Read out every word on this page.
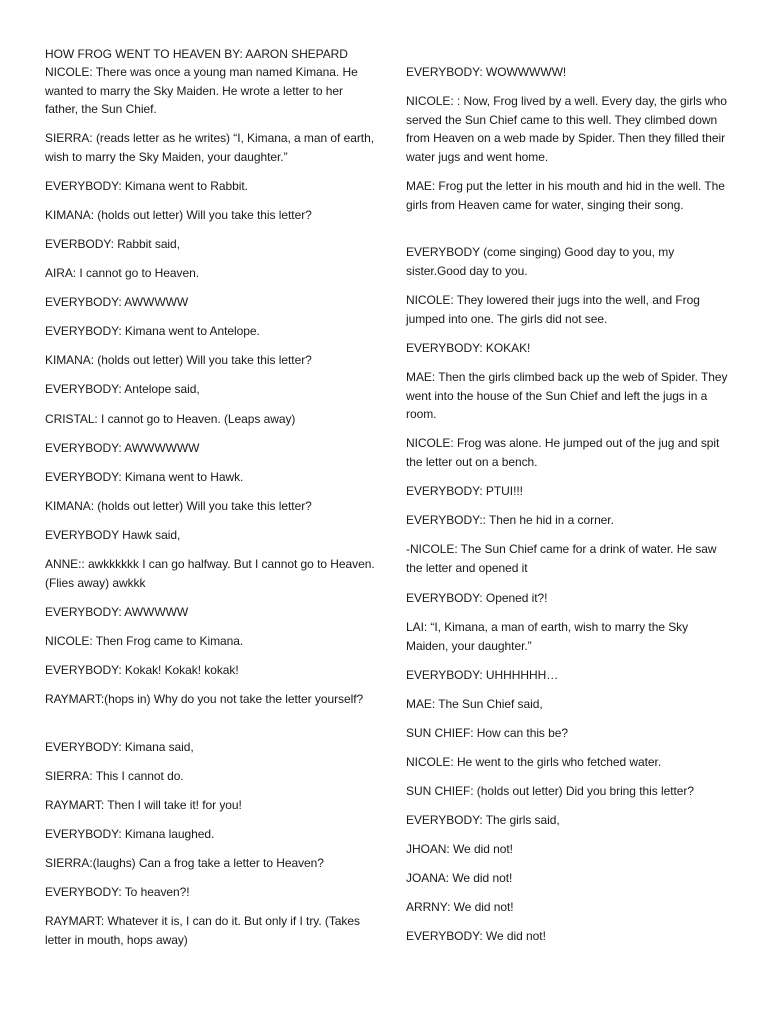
HOW FROG WENT TO HEAVEN BY: AARON SHEPARD
NICOLE: There was once a young man named Kimana. He wanted to marry the Sky Maiden. He wrote a letter to her father, the Sun Chief.
SIERRA: (reads letter as he writes) “I, Kimana, a man of earth, wish to marry the Sky Maiden, your daughter.”
EVERYBODY: Kimana went to Rabbit.
KIMANA: (holds out letter) Will you take this letter?
EVERBODY: Rabbit said,
AIRA: I cannot go to Heaven.
EVERYBODY: AWWWWW
EVERYBODY: Kimana went to Antelope.
KIMANA: (holds out letter) Will you take this letter?
EVERYBODY: Antelope said,
CRISTAL: I cannot go to Heaven. (Leaps away)
EVERYBODY: AWWWWWW
EVERYBODY: Kimana went to Hawk.
KIMANA: (holds out letter) Will you take this letter?
EVERYBODY Hawk said,
ANNE:: awkkkkkk I can go halfway. But I cannot go to Heaven. (Flies away) awkkk
EVERYBODY: AWWWWW
NICOLE: Then Frog came to Kimana.
EVERYBODY: Kokak! Kokak! kokak!
RAYMART:(hops in) Why do you not take the letter yourself?
EVERYBODY: Kimana said,
SIERRA: This I cannot do.
RAYMART: Then I will take it! for you!
EVERYBODY: Kimana laughed.
SIERRA:(laughs) Can a frog take a letter to Heaven?
EVERYBODY: To heaven?!
RAYMART: Whatever it is, I can do it. But only if I try. (Takes letter in mouth, hops away)
EVERYBODY: WOWWWWW!
NICOLE: : Now, Frog lived by a well. Every day, the girls who served the Sun Chief came to this well. They climbed down from Heaven on a web made by Spider. Then they filled their water jugs and went home.
MAE: Frog put the letter in his mouth and hid in the well. The girls from Heaven came for water, singing their song.
EVERYBODY (come singing) Good day to you, my sister.Good day to you.
NICOLE: They lowered their jugs into the well, and Frog jumped into one. The girls did not see.
EVERYBODY: KOKAK!
MAE: Then the girls climbed back up the web of Spider. They went into the house of the Sun Chief and left the jugs in a room.
NICOLE: Frog was alone. He jumped out of the jug and spit the letter out on a bench.
EVERYBODY: PTUI!!!
EVERYBODY:: Then he hid in a corner.
-NICOLE: The Sun Chief came for a drink of water. He saw the letter and opened it
EVERYBODY: Opened it?!
LAI: “I, Kimana, a man of earth, wish to marry the Sky Maiden, your daughter.”
EVERYBODY: UHHHHHH…
MAE: The Sun Chief said,
SUN CHIEF: How can this be?
NICOLE: He went to the girls who fetched water.
SUN CHIEF: (holds out letter) Did you bring this letter?
EVERYBODY: The girls said,
JHOAN: We did not!
JOANA: We did not!
ARRNY: We did not!
EVERYBODY: We did not!
